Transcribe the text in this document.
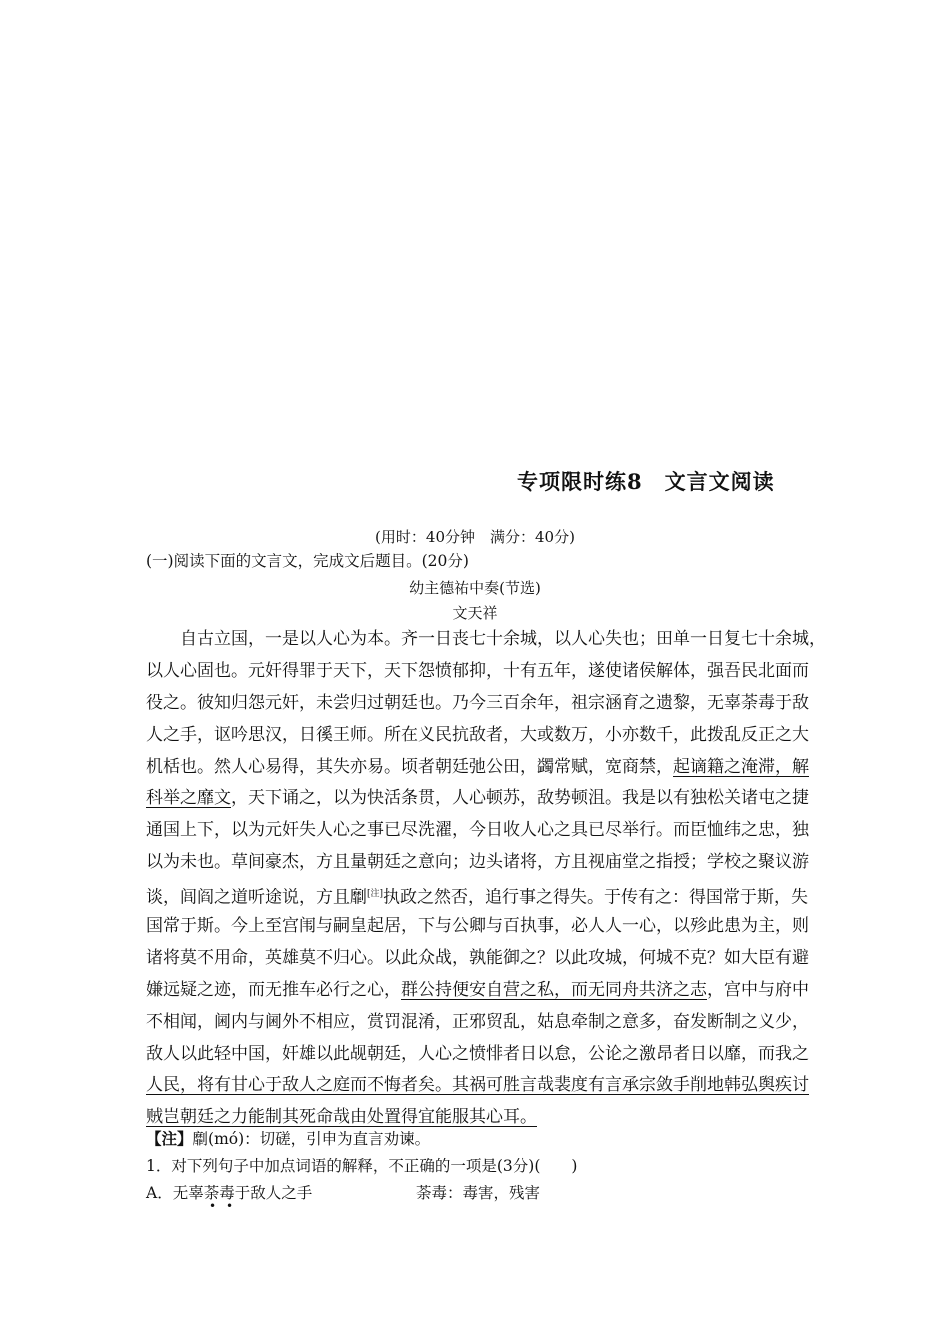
专项限时练8　文言文阅读
(用时：40分钟　满分：40分)
(一)阅读下面的文言文，完成文后题目。(20分)
幼主德祐中奏(节选)
文天祥
自古立国，一是以人心为本。齐一日丧七十余城，以人心失也；田单一日复七十余城，
以人心固也。元奸得罪于天下，天下怨愤郁抑，十有五年，遂使诸侯解体，强吾民北面而
役之。彼知归怨元奸，未尝归过朝廷也。乃今三百余年，祖宗涵育之遗黎，无辜荼毒于敌
人之手，讴吟思汉，日徯王师。所在义民抗敌者，大或数万，小亦数千，此拨乱反正之大
机栝也。然人心易得，其失亦易。顷者朝廷弛公田，蠲常赋，宽商禁，起谪籍之淹滞，解
科举之靡文，天下诵之，以为快活条贯，人心顿苏，敌势顿沮。我是以有独松关诸屯之捷
通国上下，以为元奸失人心之事已尽洗濯，今日收人心之具已尽举行。而臣恤纬之忠，独
以为未也。草间豪杰，方且量朝廷之意向；边头诸将，方且视庙堂之指授；学校之聚议游
谈，闾阎之道听途说，方且劘[注]执政之然否，追行事之得失。于传有之：得国常于斯，失
国常于斯。今上至宫闱与嗣皇起居，下与公卿与百执事，必人人一心，以殄此患为主，则
诸将莫不用命，英雄莫不归心。以此众战，孰能御之？以此攻城，何城不克？如大臣有避
嫌远疑之迹，而无推车必行之心，群公持便安自营之私，而无同舟共济之志，宫中与府中
不相闻，阃内与阃外不相应，赏罚混淆，正邪贸乱，姑息牵制之意多，奋发断制之义少，
敌人以此轻中国，奸雄以此觇朝廷，人心之愤悱者日以怠，公论之激昂者日以靡，而我之
人民，将有甘心于敌人之庭而不悔者矣。其祸可胜言哉裴度有言承宗敛手削地韩弘舆疾讨
贼岂朝廷之力能制其死命哉由处置得宜能服其心耳。
【注】劘(mó)：切磋，引申为直言劝谏。
1．对下列句子中加点词语的解释，不正确的一项是(3分)(　　)
A．无辜荼毒于敌人之手	荼毒：毒害，残害
• •
